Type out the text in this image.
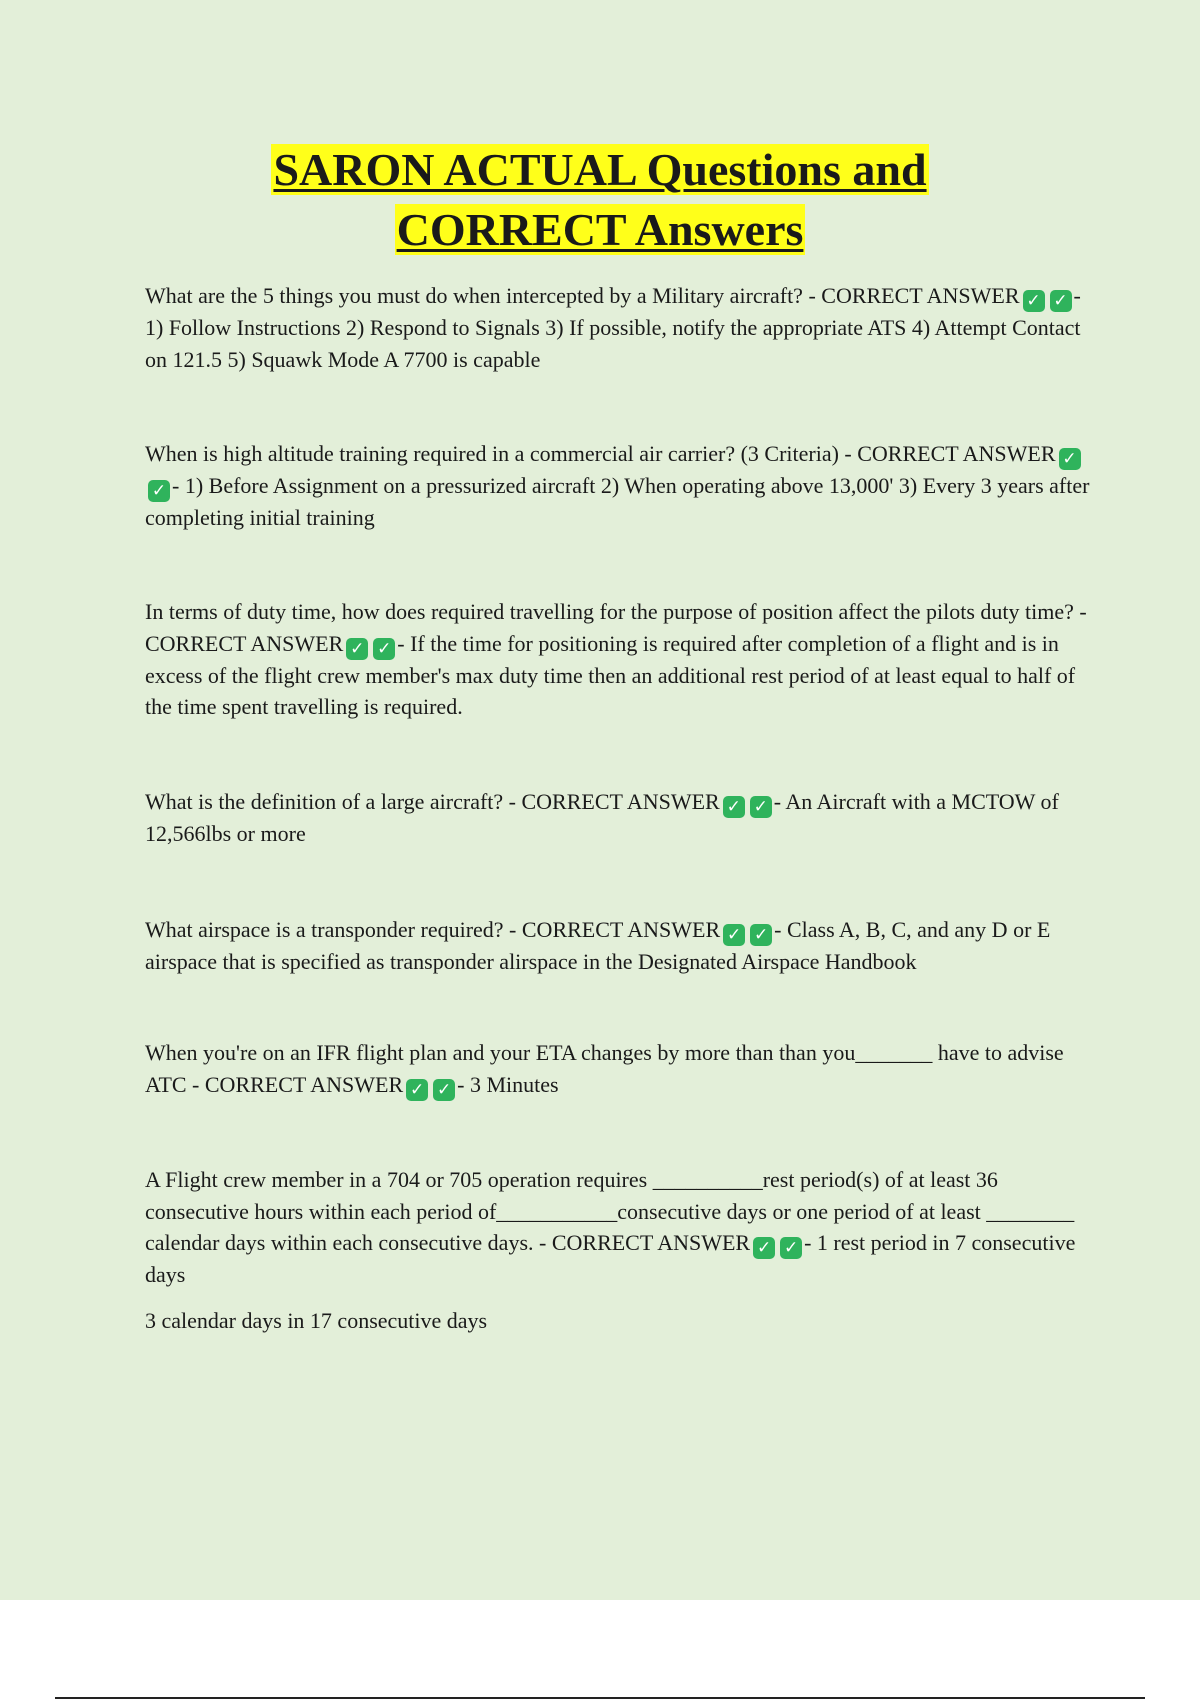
SARON ACTUAL Questions and
CORRECT Answers

What are the 5 things you must do when intercepted by a Military aircraft? - CORRECT ANSWER ✓ ✓ - 1) Follow Instructions 2) Respond to Signals 3) If possible, notify the appropriate ATS 4) Attempt Contact on 121.5 5) Squawk Mode A 7700 is capable

When is high altitude training required in a commercial air carrier? (3 Criteria) - CORRECT ANSWER ✓✓ - 1) Before Assignment on a pressurized aircraft 2) When operating above 13,000' 3) Every 3 years after completing initial training

In terms of duty time, how does required travelling for the purpose of position affect the pilots duty time? - CORRECT ANSWER ✓ ✓ - If the time for positioning is required after completion of a flight and is in excess of the flight crew member's max duty time then an additional rest period of at least equal to half of the time spent travelling is required.

What is the definition of a large aircraft? - CORRECT ANSWER ✓ ✓ - An Aircraft with a MCTOW of 12,566lbs or more

What airspace is a transponder required? - CORRECT ANSWER ✓ ✓ - Class A, B, C, and any D or E airspace that is specified as transponder alirspace in the Designated Airspace Handbook

When you're on an IFR flight plan and your ETA changes by more than than you_______ have to advise ATC - CORRECT ANSWER ✓ ✓ - 3 Minutes

A Flight crew member in a 704 or 705 operation requires __________rest period(s) of at least 36 consecutive hours within each period of___________consecutive days or one period of at least ________ calendar days within each consecutive days. - CORRECT ANSWER ✓ ✓ - 1 rest period in 7 consecutive days

3 calendar days in 17 consecutive days
